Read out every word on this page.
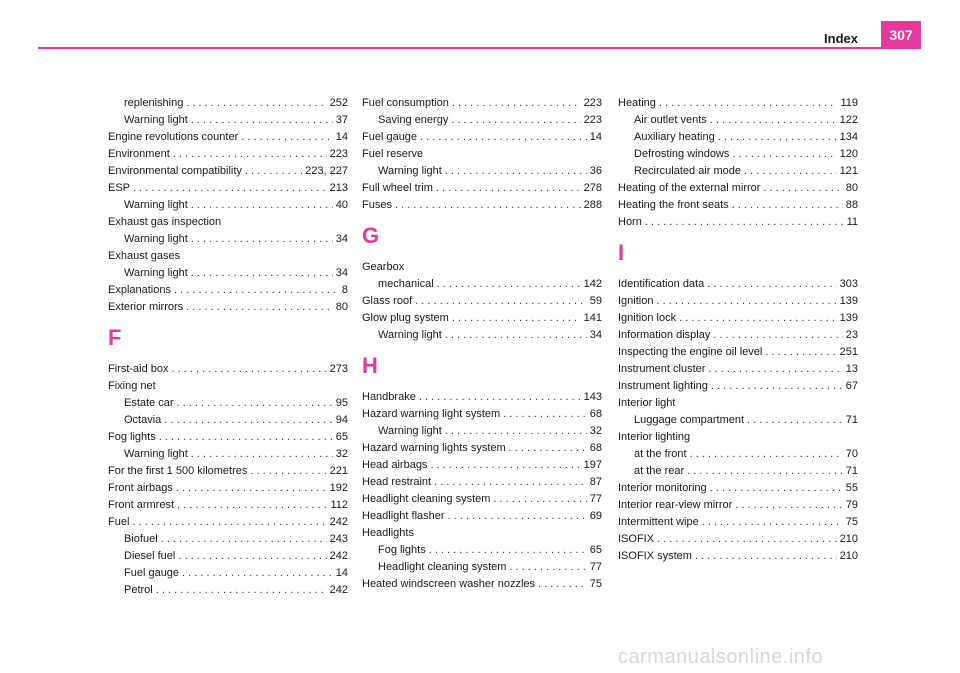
Index	307
replenishing . . .	252
Warning light . . .	37
Engine revolutions counter . . .	14
Environment . . .	223
Environmental compatibility . . .	223, 227
ESP . . .	213
Warning light . . .	40
Exhaust gas inspection
Warning light . . .	34
Exhaust gases
Warning light . . .	34
Explanations . . .	8
Exterior mirrors . . .	80
F
First-aid box . . .	273
Fixing net
Estate car . . .	95
Octavia . . .	94
Fog lights . . .	65
Warning light . . .	32
For the first 1 500 kilometres . . .	221
Front airbags . . .	192
Front armrest . . .	112
Fuel . . .	242
Biofuel . . .	243
Diesel fuel . . .	242
Fuel gauge . . .	14
Petrol . . .	242
Fuel consumption . . .	223
Saving energy . . .	223
Fuel gauge . . .	14
Fuel reserve
Warning light . . .	36
Full wheel trim . . .	278
Fuses . . .	288
G
Gearbox
mechanical . . .	142
Glass roof . . .	59
Glow plug system . . .	141
Warning light . . .	34
H
Handbrake . . .	143
Hazard warning light system . . .	68
Warning light . . .	32
Hazard warning lights system . . .	68
Head airbags . . .	197
Head restraint . . .	87
Headlight cleaning system . . .	77
Headlight flasher . . .	69
Headlights
Fog lights . . .	65
Headlight cleaning system . . .	77
Heated windscreen washer nozzles . . .	75
Heating . . .	119
Air outlet vents . . .	122
Auxiliary heating . . .	134
Defrosting windows . . .	120
Recirculated air mode . . .	121
Heating of the external mirror . . .	80
Heating the front seats . . .	88
Horn . . .	11
I
Identification data . . .	303
Ignition . . .	139
Ignition lock . . .	139
Information display . . .	23
Inspecting the engine oil level . . .	251
Instrument cluster . . .	13
Instrument lighting . . .	67
Interior light
Luggage compartment . . .	71
Interior lighting
at the front . . .	70
at the rear . . .	71
Interior monitoring . . .	55
Interior rear-view mirror . . .	79
Intermittent wipe . . .	75
ISOFIX . . .	210
ISOFIX system . . .	210
carmanualsonline.info
